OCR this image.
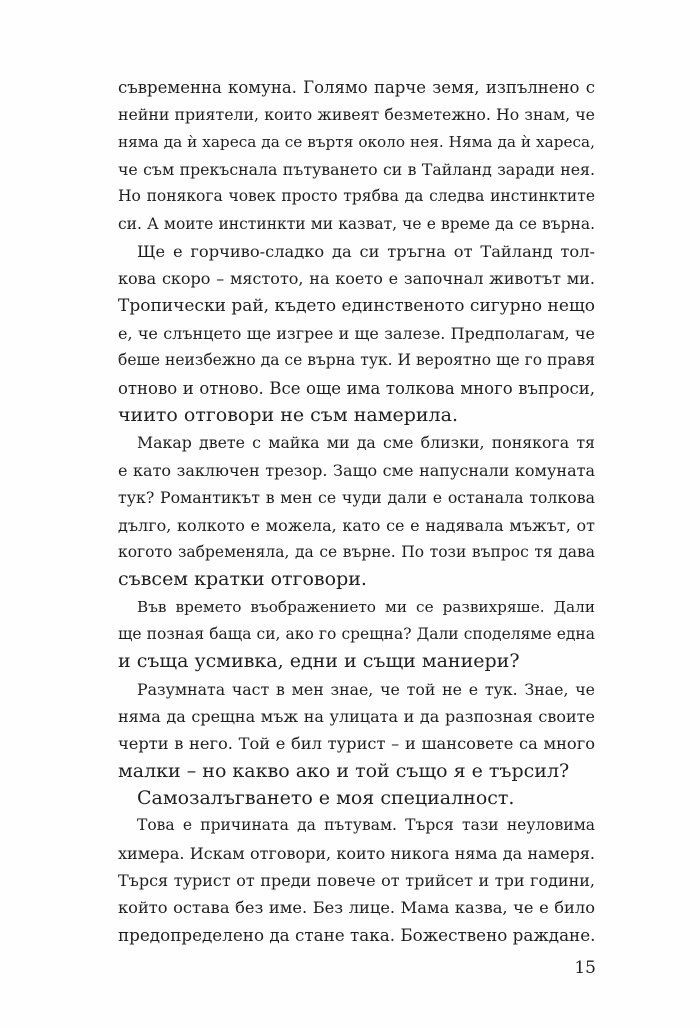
съвременна комуна. Голямо парче земя, изпълнено с
нейни приятели, които живеят безметежно. Но знам, че
няма да ѝ хареса да се въртя около нея. Няма да ѝ хареса,
че съм прекъснала пътуването си в Тайланд заради нея.
Но понякога човек просто трябва да следва инстинктите
си. А моите инстинкти ми казват, че е време да се върна.
Ще е горчиво-сладко да си тръгна от Тайланд тол-
кова скоро – мястото, на което е започнал животът ми.
Тропически рай, където единственото сигурно нещо
е, че слънцето ще изгрее и ще залезе. Предполагам, че
беше неизбежно да се върна тук. И вероятно ще го правя
отново и отново. Все още има толкова много въпроси,
чиито отговори не съм намерила.
Макар двете с майка ми да сме близки, понякога тя
е като заключен трезор. Защо сме напуснали комуната
тук? Романтикът в мен се чуди дали е останала толкова
дълго, колкото е можела, като се е надявала мъжът, от
когото забременяла, да се върне. По този въпрос тя дава
съвсем кратки отговори.
Във времето въображението ми се развихряше. Дали
ще позная баща си, ако го срещна? Дали споделяме една
и съща усмивка, едни и същи маниери?
Разумната част в мен знае, че той не е тук. Знае, че
няма да срещна мъж на улицата и да разпозная своите
черти в него. Той е бил турист – и шансовете са много
малки – но какво ако и той също я е търсил?
Самозалъгването е моя специалност.
Това е причината да пътувам. Търся тази неуловима
химера. Искам отговори, които никога няма да намеря.
Търся турист от преди повече от трийсет и три години,
който остава без име. Без лице. Мама казва, че е било
предопределено да стане така. Божествено раждане.
15
